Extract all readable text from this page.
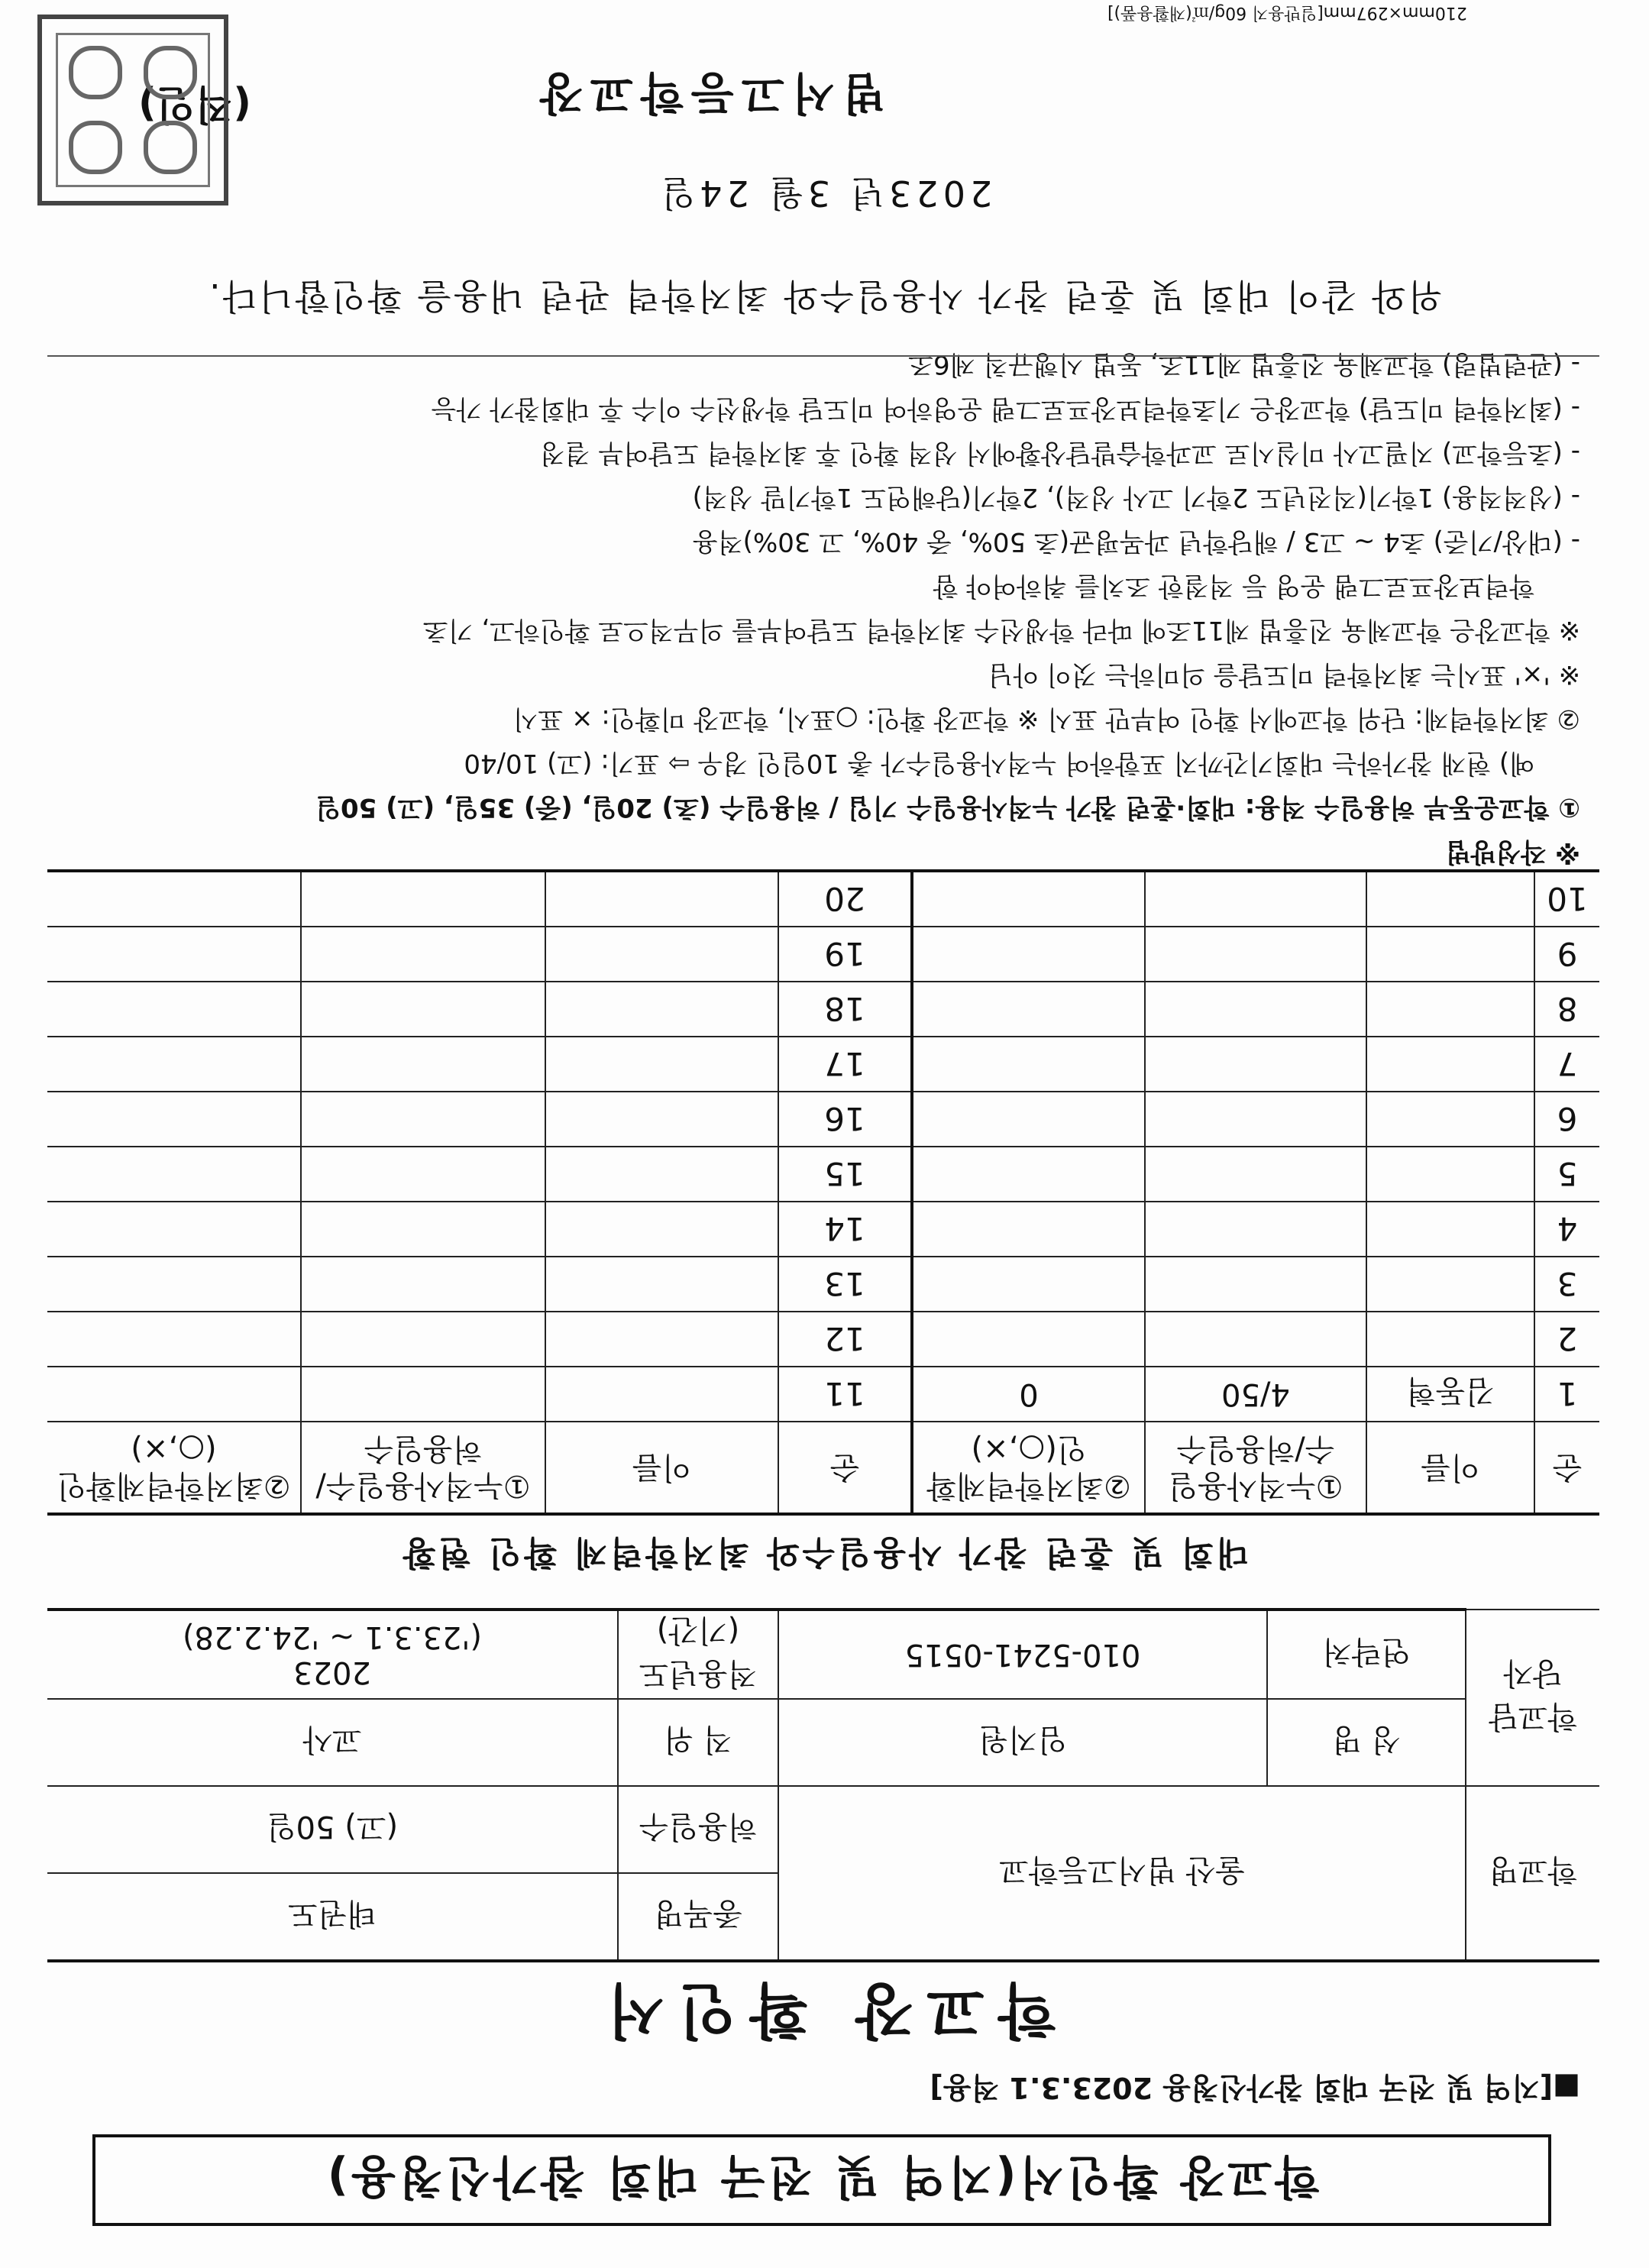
학교장 확인서(지역 및 전국 대회 참가신청용)
■[지역 및 전국 대회 참가신청용 2023.3.1 적용]
학교장 확인서
학교명	울산 범서고등학교		종목명	태권도
			허용일수	(고) 50일
학교담당자	성 명	임지원	직 위	교사
	연락처	010-5241-0515	적용년도(기간)	2023
('23.3.1 ~ '24.2.28)
대회 및 훈련 참가 사용일수와 최저학력제 확인 현황
순	이름	①누적사용일수/허용일수	②최저학력제확인(○,×)	순	이름	①누적사용일수/허용일수	②최저학력제확인(○,×)
1	김동혁	4/50	0	11			
2				12			
3				13			
4				14			
5				15			
6				16			
7				17			
8				18			
9				19			
10				20			
※ 작성방법
① 학교운동부 허용일수 적용: 대회·훈련 참가 누적사용일수 기입 / 허용일수 (초) 20일, (중) 35일, (고) 50일
예) 현재 참가하는 대회기간까지 포함하여 누적사용일수가 총 10일인 경우 ⇨ 표기: (고) 10/40
② 최저학력제: 단위 학교에서 확인 여부만 표시 ※ 학교장 확인: ○표시, 학교장 미확인: × 표시
※ '×' 표시는 최저학력 미도달을 의미하는 것이 아님
※ 학교장은 학교체육 진흥법 제11조에 따라 학생선수 최저학력 도달여부를 의무적으로 확인하고, 기초
학력보장프로그램 운영 등 적절한 조치를 취하여야 함
- (대상/기준) 초4 ~ 고3 / 해당학년 과목평균(초 50%, 중 40%, 고 30%)적용
- (성적적용) 1학기(직전년도 2학기 고사 성적), 2학기(당해연도 1학기말 성적)
- (초등학교) 지필고사 미실시로 교과학습발달상황에서 성적 확인 후 최저학력 도달여부 결정
- (최저학력 미도달) 학교장은 기초학력보장프로그램 운영하여 미도달 학생선수 이수 후 대회참가 가능
- (관련법령) 학교체육 진흥법 제11조, 동법 시행규칙 제6조
위와 같이 대회 및 훈련 참가 사용일수와 최저학력 관련 내용을 확인합니다.
2023년 3월 24일
범서고등학교장
(직인)
210mm×297mm[일반용지 60g/㎡(재활용품)]
